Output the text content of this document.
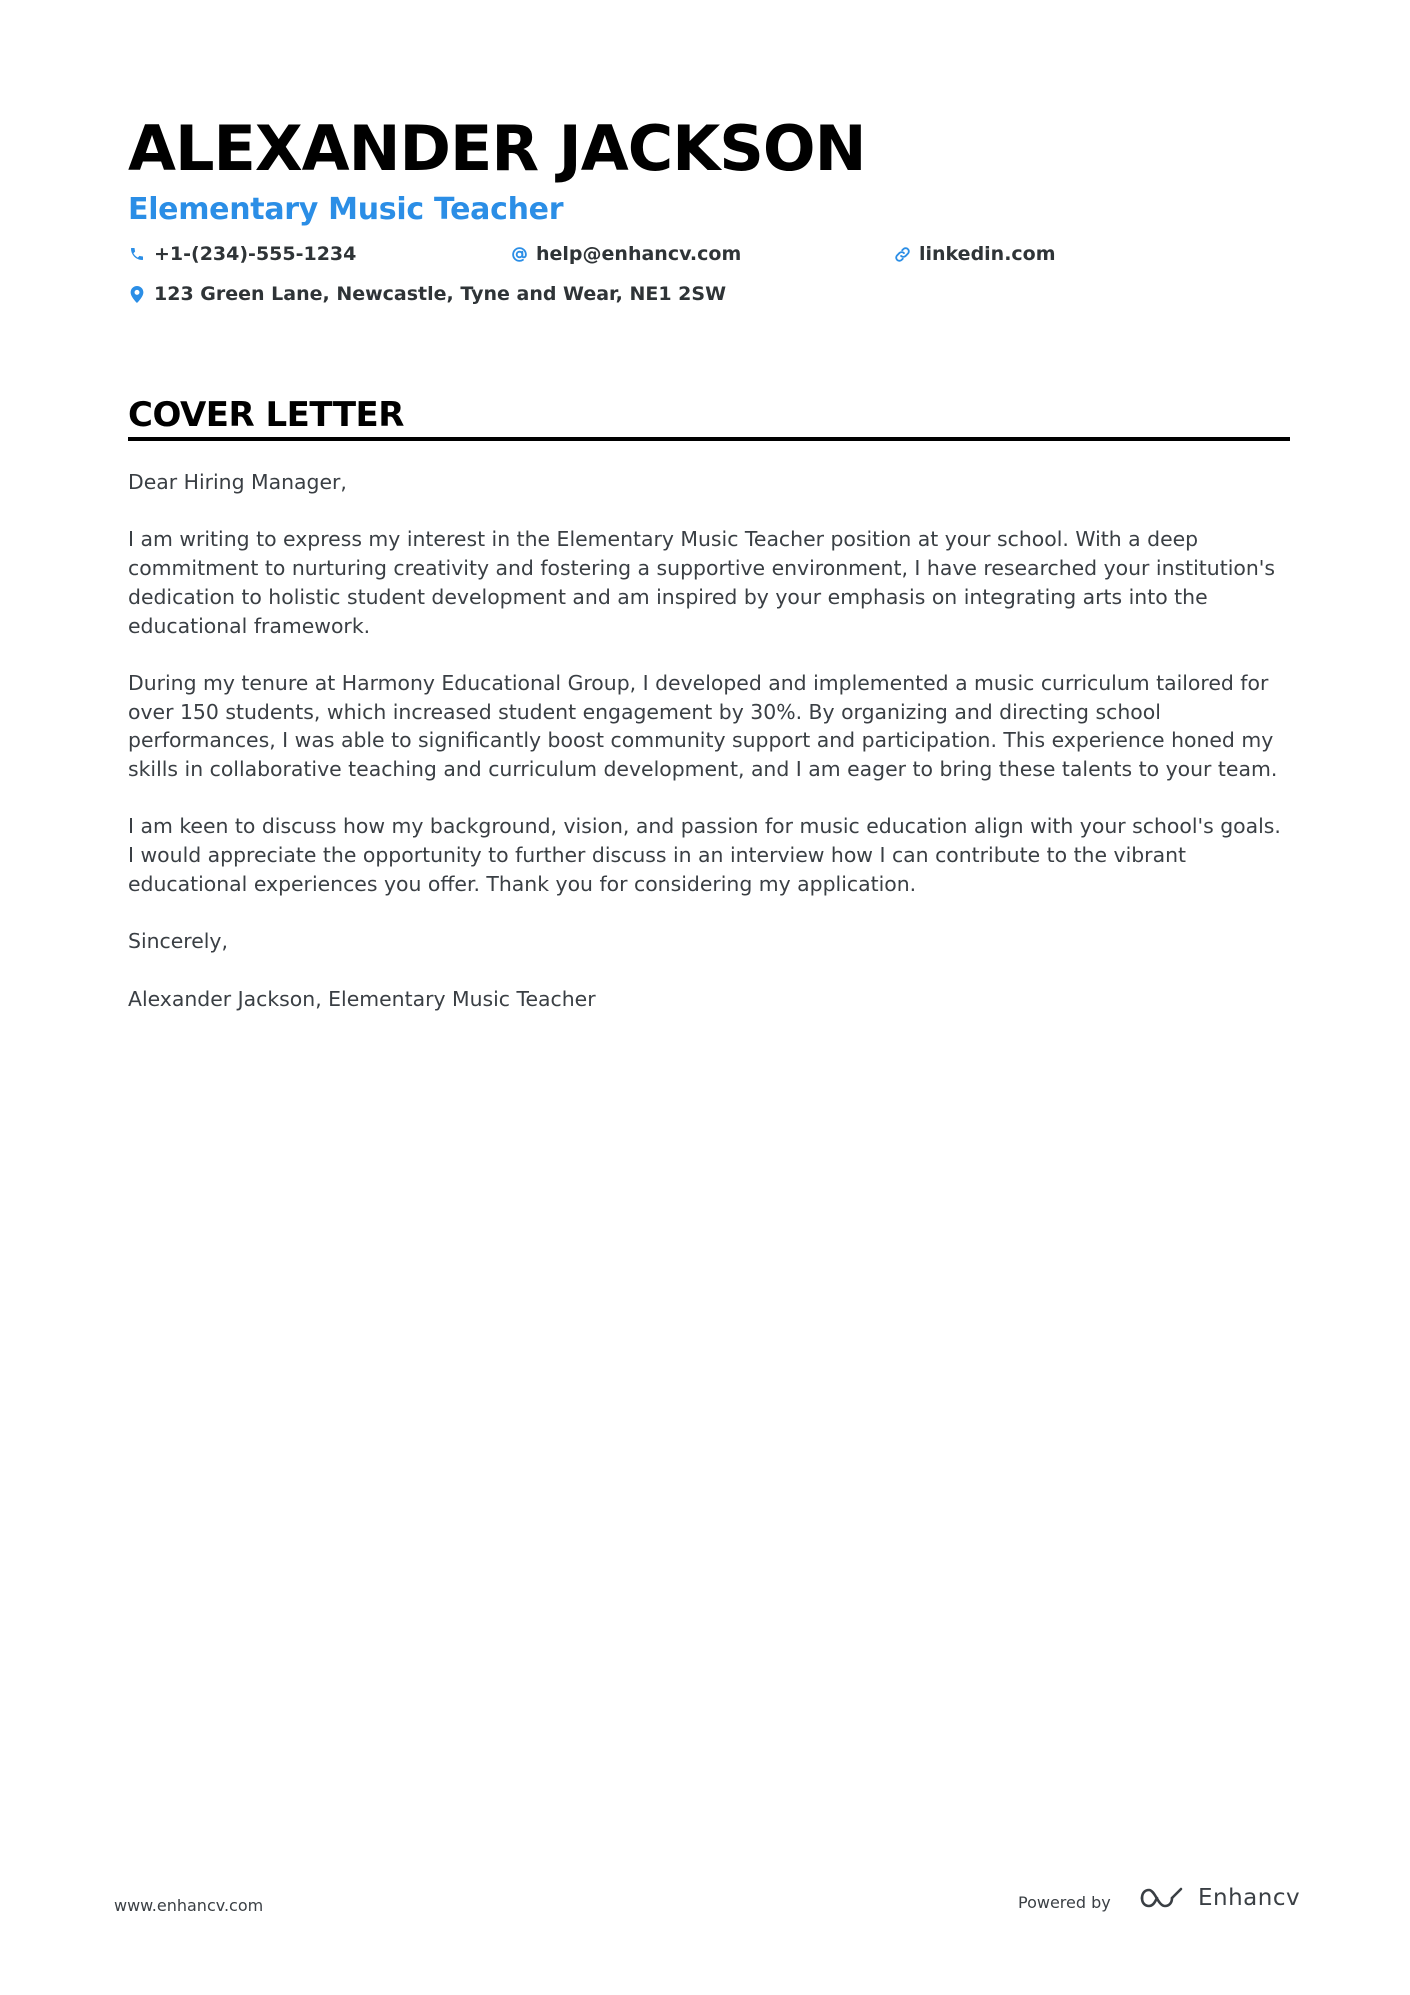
ALEXANDER JACKSON
Elementary Music Teacher
+1-(234)-555-1234	help@enhancv.com	linkedin.com
123 Green Lane, Newcastle, Tyne and Wear, NE1 2SW
COVER LETTER

Dear Hiring Manager,

I am writing to express my interest in the Elementary Music Teacher position at your school. With a deep commitment to nurturing creativity and fostering a supportive environment, I have researched your institution's dedication to holistic student development and am inspired by your emphasis on integrating arts into the educational framework.

During my tenure at Harmony Educational Group, I developed and implemented a music curriculum tailored for over 150 students, which increased student engagement by 30%. By organizing and directing school performances, I was able to significantly boost community support and participation. This experience honed my skills in collaborative teaching and curriculum development, and I am eager to bring these talents to your team.

I am keen to discuss how my background, vision, and passion for music education align with your school's goals. I would appreciate the opportunity to further discuss in an interview how I can contribute to the vibrant educational experiences you offer. Thank you for considering my application.

Sincerely,

Alexander Jackson, Elementary Music Teacher

www.enhancv.com	Powered by	Enhancv
